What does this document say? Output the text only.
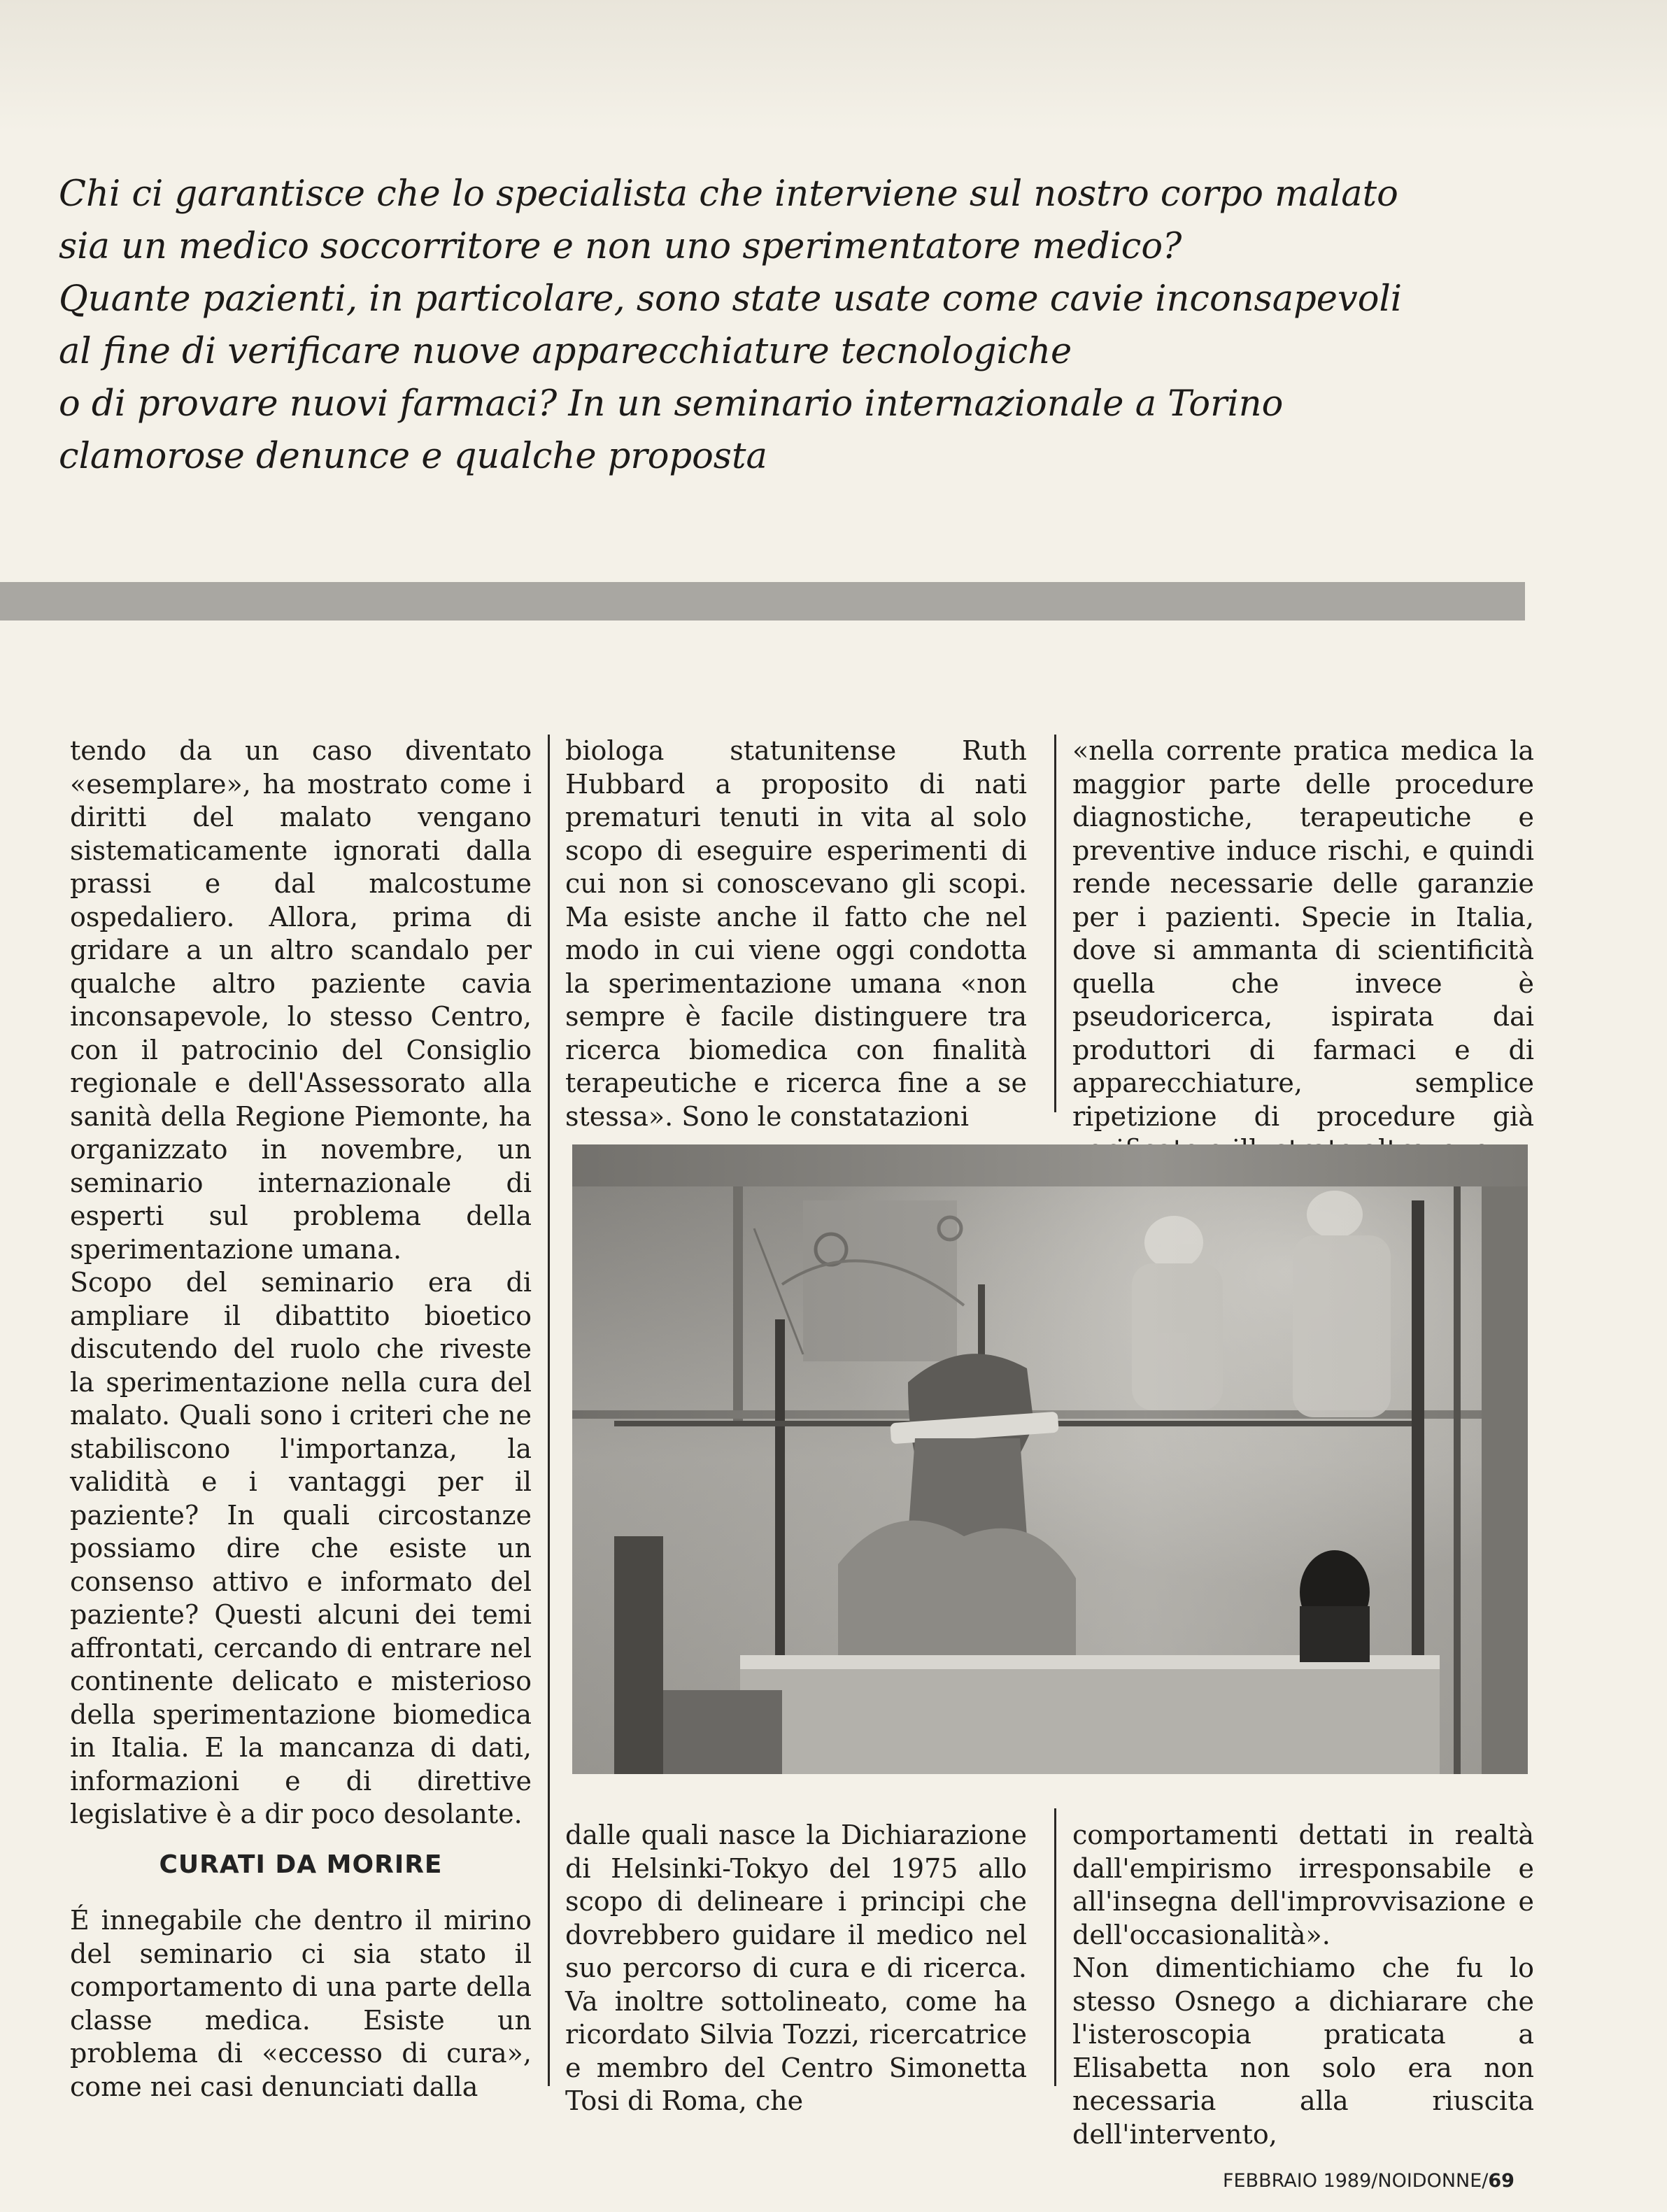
Chi ci garantisce che lo specialista che interviene sul nostro corpo malato
sia un medico soccorritore e non uno sperimentatore medico?
Quante pazienti, in particolare, sono state usate come cavie inconsapevoli
al fine di verificare nuove apparecchiature tecnologiche
o di provare nuovi farmaci? In un seminario internazionale a Torino
clamorose denunce e qualche proposta

tendo da un caso diventato «esemplare», ha mostrato come i diritti del malato vengano sistematicamente ignorati dalla prassi e dal malcostume ospedaliero. Allora, prima di gridare a un altro scandalo per qualche altro paziente cavia inconsapevole, lo stesso Centro, con il patrocinio del Consiglio regionale e dell'Assessorato alla sanità della Regione Piemonte, ha organizzato in novembre, un seminario internazionale di esperti sul problema della sperimentazione umana.

Scopo del seminario era di ampliare il dibattito bioetico discutendo del ruolo che riveste la sperimentazione nella cura del malato. Quali sono i criteri che ne stabiliscono l'importanza, la validità e i vantaggi per il paziente? In quali circostanze possiamo dire che esiste un consenso attivo e informato del paziente? Questi alcuni dei temi affrontati, cercando di entrare nel continente delicato e misterioso della sperimentazione biomedica in Italia. E la mancanza di dati, informazioni e di direttive legislative è a dir poco desolante.

CURATI DA MORIRE

É innegabile che dentro il mirino del seminario ci sia stato il comportamento di una parte della classe medica. Esiste un problema di «eccesso di cura», come nei casi denunciati dalla

biologa statunitense Ruth Hubbard a proposito di nati prematuri tenuti in vita al solo scopo di eseguire esperimenti di cui non si conoscevano gli scopi. Ma esiste anche il fatto che nel modo in cui viene oggi condotta la sperimentazione umana «non sempre è facile distinguere tra ricerca biomedica con finalità terapeutiche e ricerca fine a se stessa». Sono le constatazioni

«nella corrente pratica medica la maggior parte delle procedure diagnostiche, terapeutiche e preventive induce rischi, e quindi rende necessarie delle garanzie per i pazienti. Specie in Italia, dove si ammanta di scientificità quella che invece è pseudoricerca, ispirata dai produttori di farmaci e di apparecchiature, semplice ripetizione di procedure già

dalle quali nasce la Dichiarazione di Helsinki-Tokyo del 1975 allo scopo di delineare i principi che dovrebbero guidare il medico nel suo percorso di cura e di ricerca. Va inoltre sottolineato, come ha ricordato Silvia Tozzi, ricercatrice e membro del Centro Simonetta Tosi di Roma, che

comportamenti dettati in realtà dall'empirismo irresponsabile e all'insegna dell'improvvisazione e dell'occasionalità».

Non dimentichiamo che fu lo stesso Osnego a dichiarare che l'isteroscopia praticata a Elisabetta non solo era non necessaria alla riuscita dell'intervento,

FEBBRAIO 1989/NOIDONNE/69
